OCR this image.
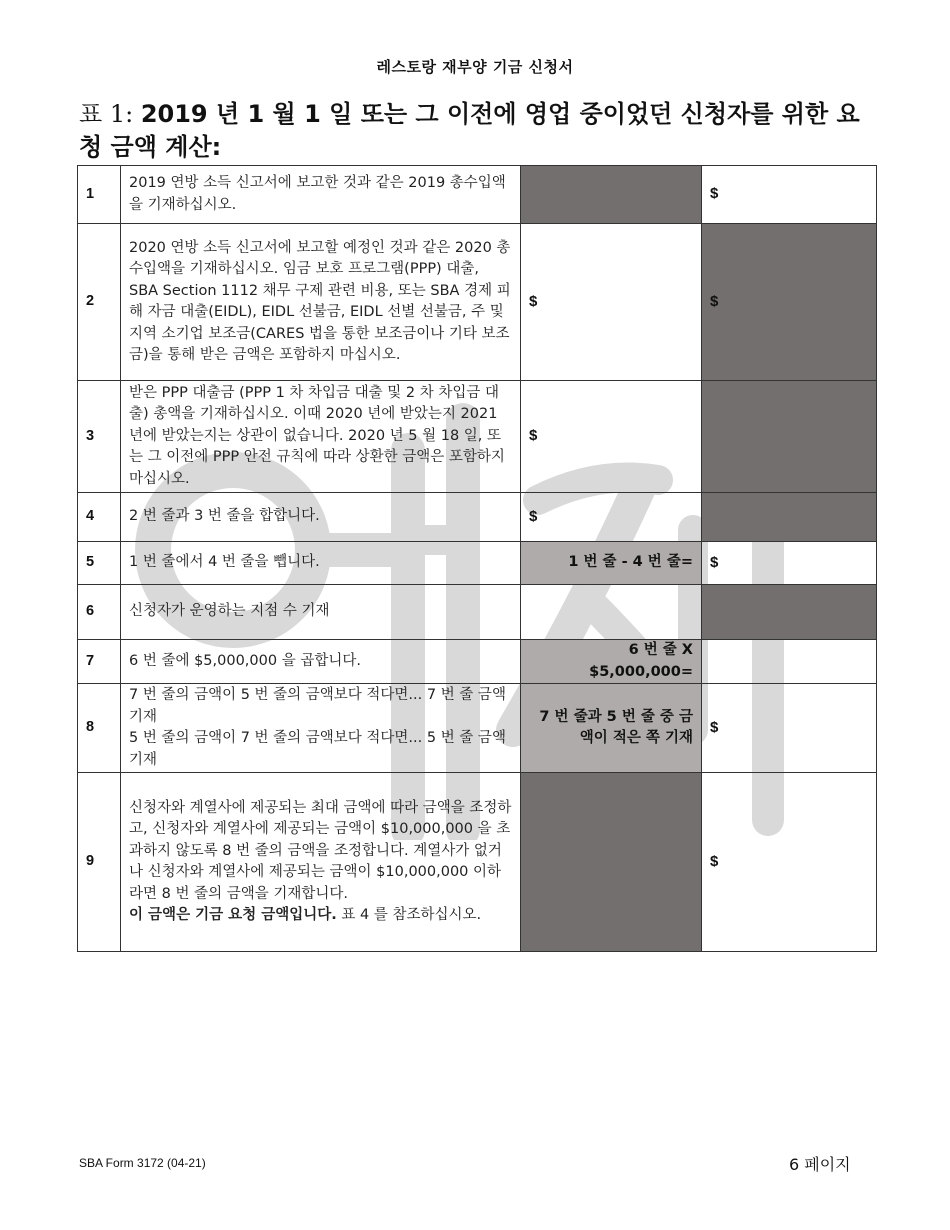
레스토랑 재부양 기금 신청서
표 1: 2019 년 1 월 1 일 또는 그 이전에 영업 중이었던 신청자를 위한 요청 금액 계산:
1	2019 연방 소득 신고서에 보고한 것과 같은 2019 총수입액을 기재하십시오.		$
2	2020 연방 소득 신고서에 보고할 예정인 것과 같은 2020 총수입액을 기재하십시오. 임금 보호 프로그램(PPP) 대출, SBA Section 1112 채무 구제 관련 비용, 또는 SBA 경제 피해 자금 대출(EIDL), EIDL 선불금, EIDL 선별 선불금, 주 및 지역 소기업 보조금(CARES 법을 통한 보조금이나 기타 보조금)을 통해 받은 금액은 포함하지 마십시오.	$	$
3	받은 PPP 대출금 (PPP 1 차 차입금 대출 및 2 차 차입금 대출) 총액을 기재하십시오. 이때 2020 년에 받았는지 2021 년에 받았는지는 상관이 없습니다. 2020 년 5 월 18 일, 또는 그 이전에 PPP 안전 규칙에 따라 상환한 금액은 포함하지 마십시오.	$	
4	2 번 줄과 3 번 줄을 합합니다.	$	
5	1 번 줄에서 4 번 줄을 뺍니다.	1 번 줄 - 4 번 줄=	$
6	신청자가 운영하는 지점 수 기재		
7	6 번 줄에 $5,000,000 을 곱합니다.	6 번 줄 X $5,000,000=	
8	7 번 줄의 금액이 5 번 줄의 금액보다 적다면... 7 번 줄 금액 기재
5 번 줄의 금액이 7 번 줄의 금액보다 적다면... 5 번 줄 금액 기재	7 번 줄과 5 번 줄 중 금액이 적은 쪽 기재	$
9	신청자와 계열사에 제공되는 최대 금액에 따라 금액을 조정하고, 신청자와 계열사에 제공되는 금액이 $10,000,000 을 초과하지 않도록 8 번 줄의 금액을 조정합니다. 계열사가 없거나 신청자와 계열사에 제공되는 금액이 $10,000,000 이하라면 8 번 줄의 금액을 기재합니다.
이 금액은 기금 요청 금액입니다. 표 4 를 참조하십시오.		$
SBA Form 3172 (04-21)	6 페이지
